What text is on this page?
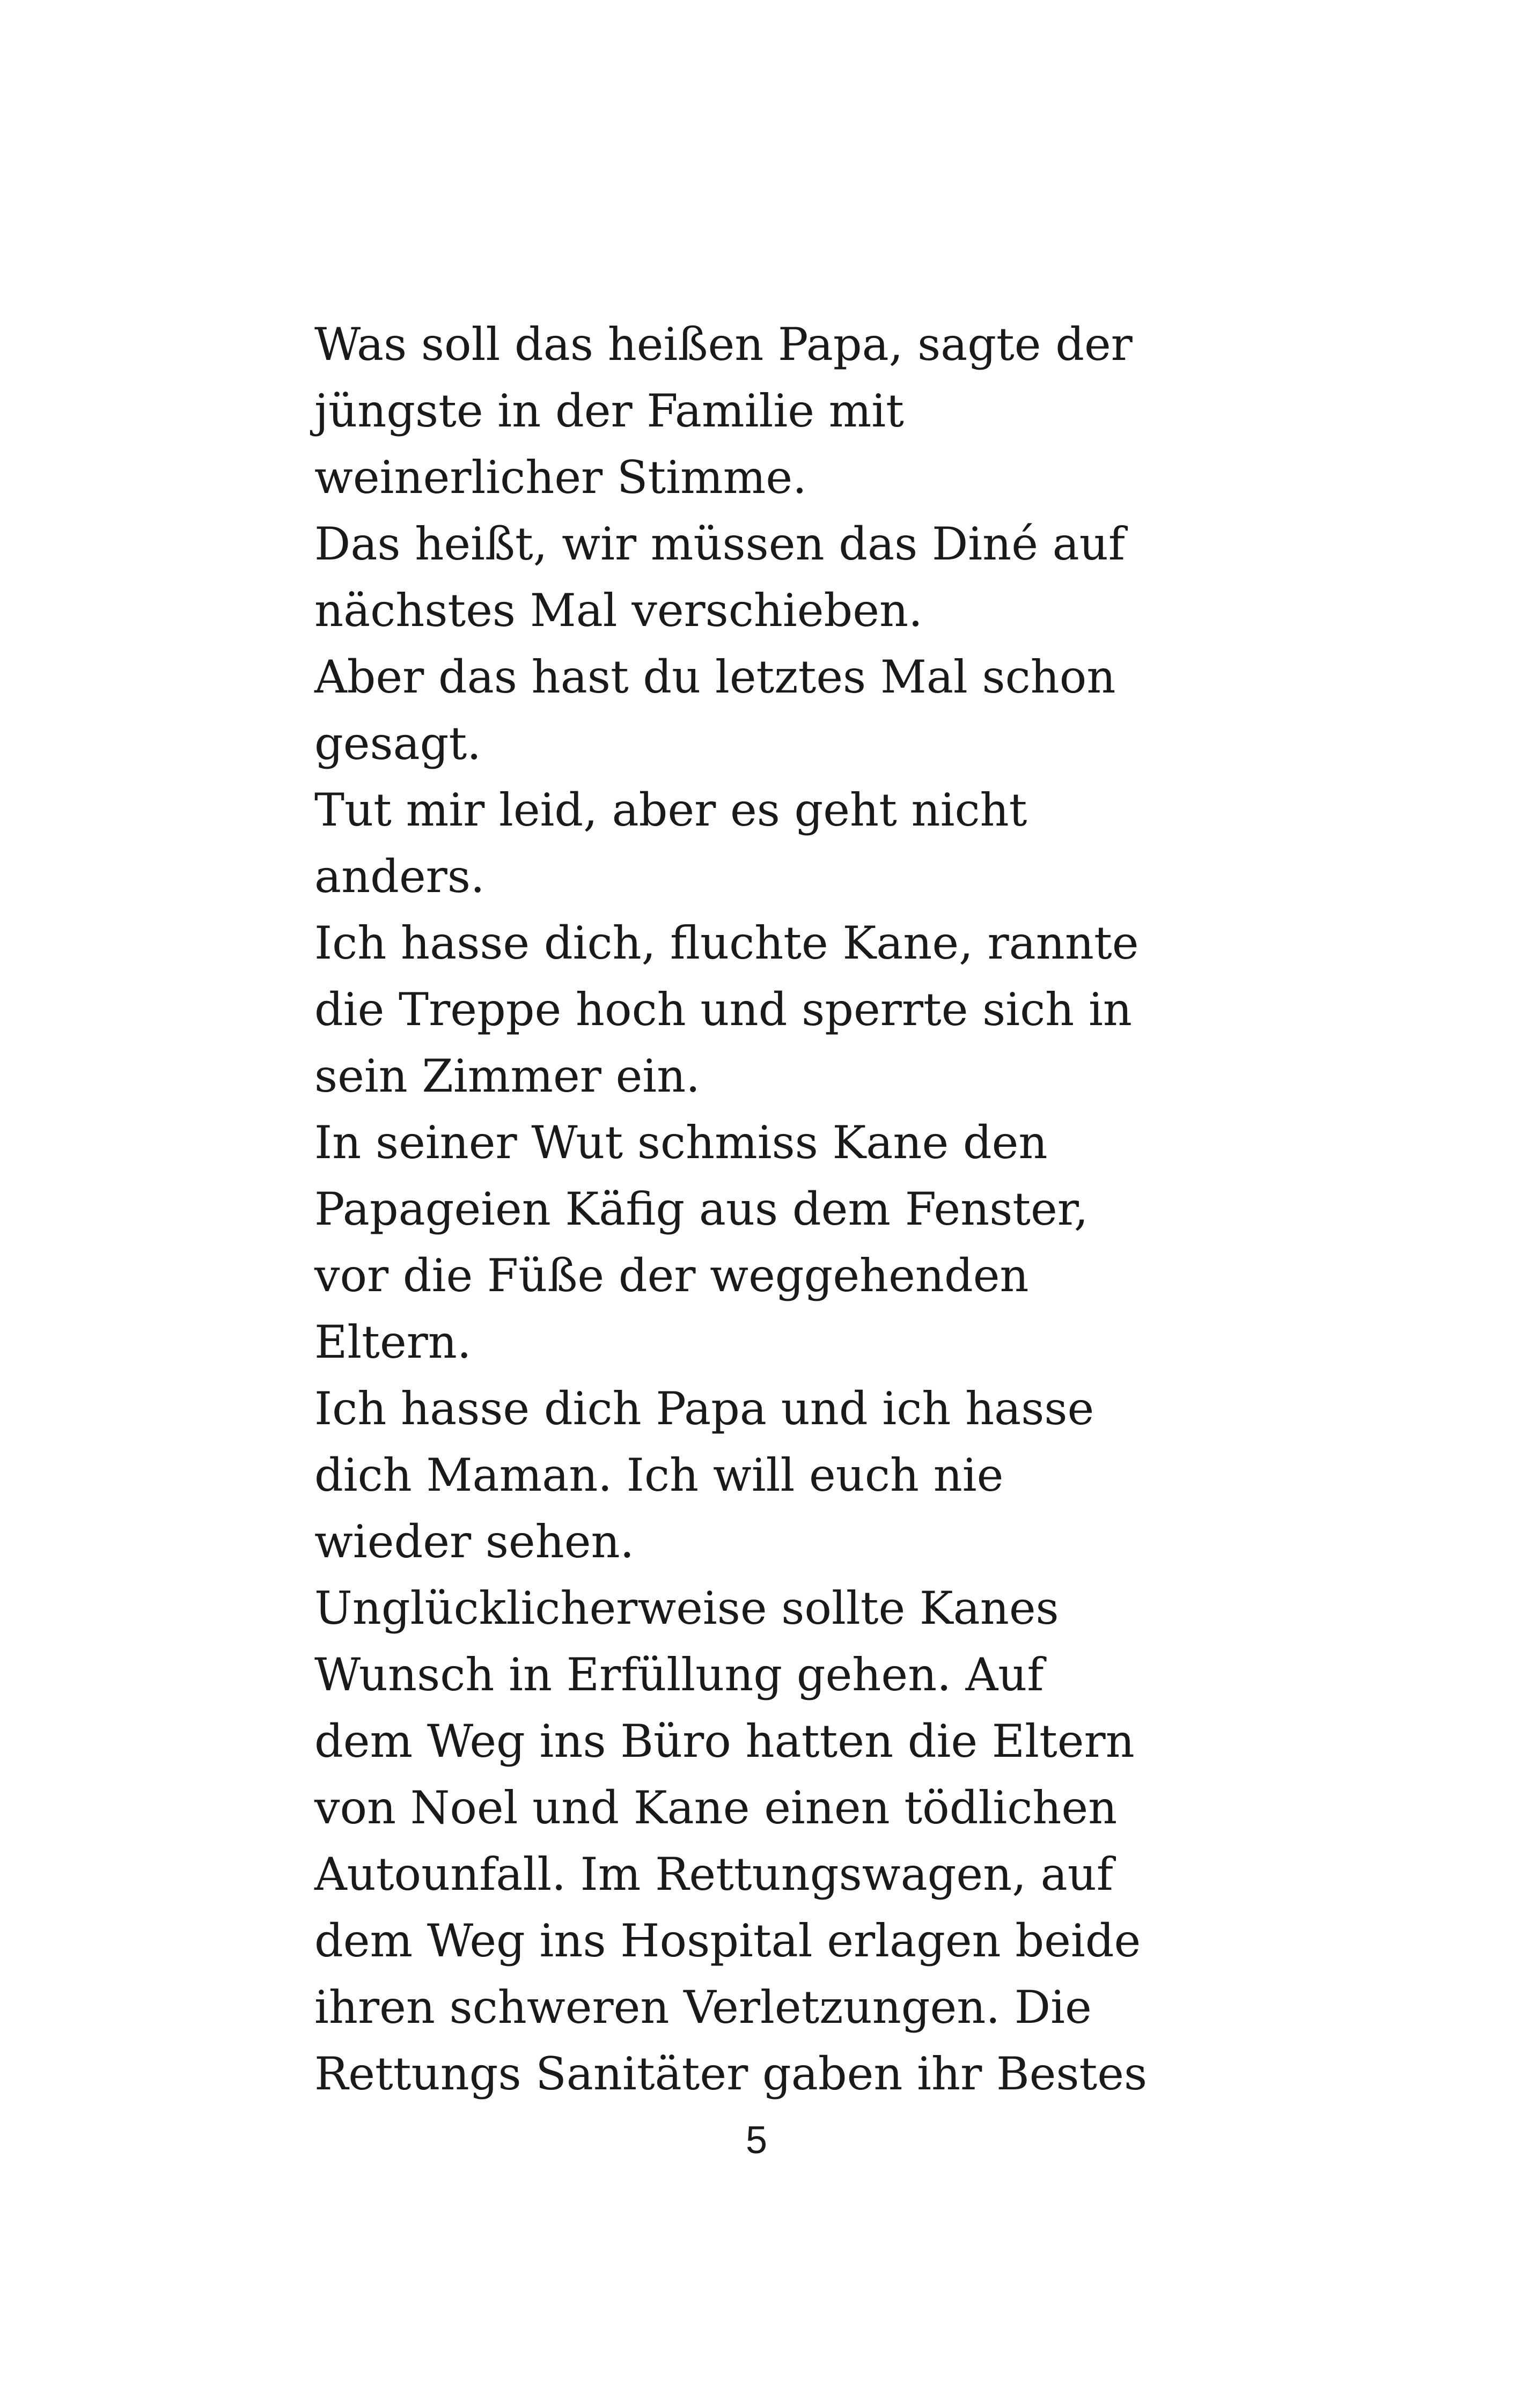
Was soll das heißen Papa, sagte der
jüngste in der Familie mit
weinerlicher Stimme.
Das heißt, wir müssen das Diné auf
nächstes Mal verschieben.
Aber das hast du letztes Mal schon
gesagt.
Tut mir leid, aber es geht nicht
anders.
Ich hasse dich, fluchte Kane, rannte
die Treppe hoch und sperrte sich in
sein Zimmer ein.
In seiner Wut schmiss Kane den
Papageien Käfig aus dem Fenster,
vor die Füße der weggehenden
Eltern.
Ich hasse dich Papa und ich hasse
dich Maman. Ich will euch nie
wieder sehen.
Unglücklicherweise sollte Kanes
Wunsch in Erfüllung gehen. Auf
dem Weg ins Büro hatten die Eltern
von Noel und Kane einen tödlichen
Autounfall. Im Rettungswagen, auf
dem Weg ins Hospital erlagen beide
ihren schweren Verletzungen. Die
Rettungs Sanitäter gaben ihr Bestes
5
